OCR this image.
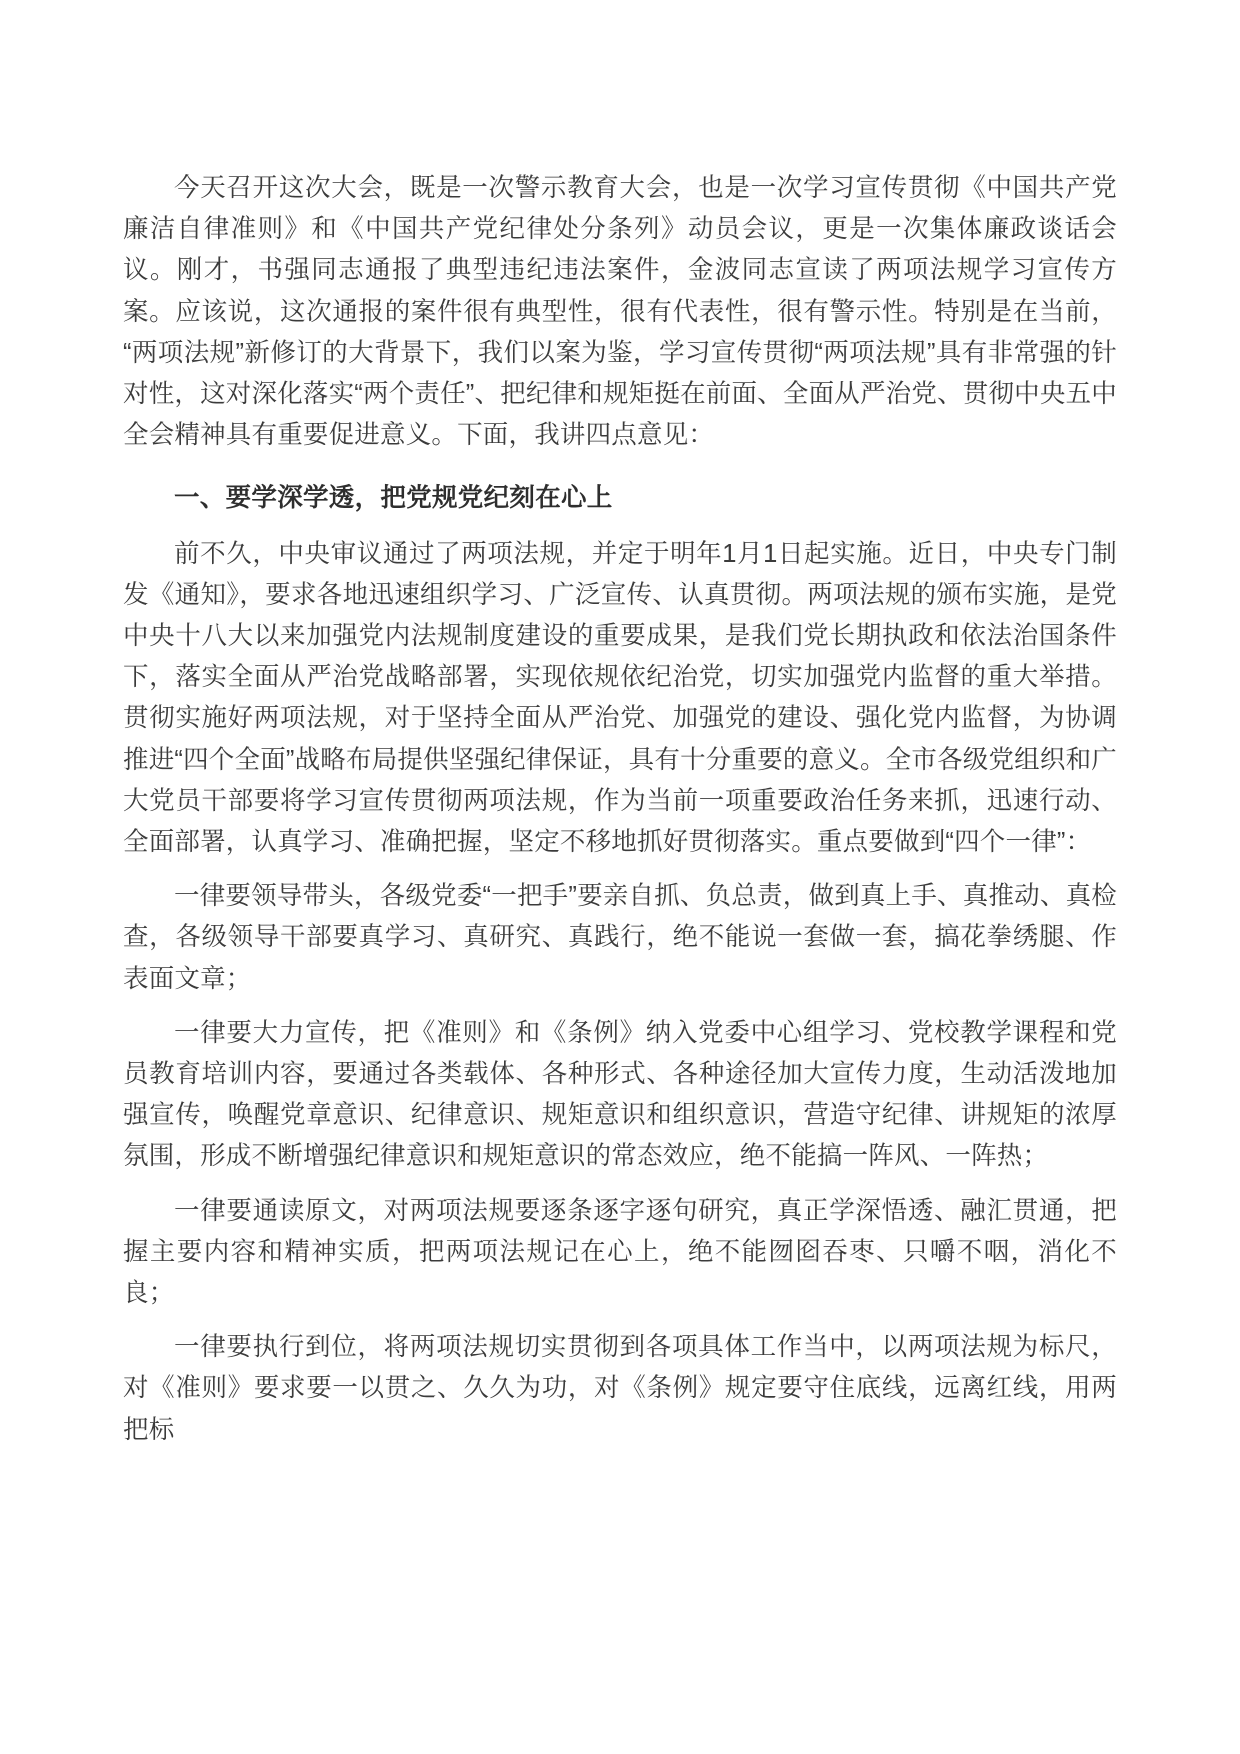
今天召开这次大会，既是一次警示教育大会，也是一次学习宣传贯彻《中国共产党廉洁自律准则》和《中国共产党纪律处分条列》动员会议，更是一次集体廉政谈话会议。刚才，书强同志通报了典型违纪违法案件，金波同志宣读了两项法规学习宣传方案。应该说，这次通报的案件很有典型性，很有代表性，很有警示性。特别是在当前，“两项法规”新修订的大背景下，我们以案为鉴，学习宣传贯彻“两项法规”具有非常强的针对性，这对深化落实“两个责任”、把纪律和规矩挺在前面、全面从严治党、贯彻中央五中全会精神具有重要促进意义。下面，我讲四点意见：

一、要学深学透，把党规党纪刻在心上

前不久，中央审议通过了两项法规，并定于明年1月1日起实施。近日，中央专门制发《通知》，要求各地迅速组织学习、广泛宣传、认真贯彻。两项法规的颁布实施，是党中央十八大以来加强党内法规制度建设的重要成果，是我们党长期执政和依法治国条件下，落实全面从严治党战略部署，实现依规依纪治党，切实加强党内监督的重大举措。贯彻实施好两项法规，对于坚持全面从严治党、加强党的建设、强化党内监督，为协调推进“四个全面”战略布局提供坚强纪律保证，具有十分重要的意义。全市各级党组织和广大党员干部要将学习宣传贯彻两项法规，作为当前一项重要政治任务来抓，迅速行动、全面部署，认真学习、准确把握，坚定不移地抓好贯彻落实。重点要做到“四个一律”：

一律要领导带头，各级党委“一把手”要亲自抓、负总责，做到真上手、真推动、真检查，各级领导干部要真学习、真研究、真践行，绝不能说一套做一套，搞花拳绣腿、作表面文章；

一律要大力宣传，把《准则》和《条例》纳入党委中心组学习、党校教学课程和党员教育培训内容，要通过各类载体、各种形式、各种途径加大宣传力度，生动活泼地加强宣传，唤醒党章意识、纪律意识、规矩意识和组织意识，营造守纪律、讲规矩的浓厚氛围，形成不断增强纪律意识和规矩意识的常态效应，绝不能搞一阵风、一阵热；

一律要通读原文，对两项法规要逐条逐字逐句研究，真正学深悟透、融汇贯通，把握主要内容和精神实质，把两项法规记在心上，绝不能囫囵吞枣、只嚼不咽，消化不良；

一律要执行到位，将两项法规切实贯彻到各项具体工作当中，以两项法规为标尺，对《准则》要求要一以贯之、久久为功，对《条例》规定要守住底线，远离红线，用两把标
